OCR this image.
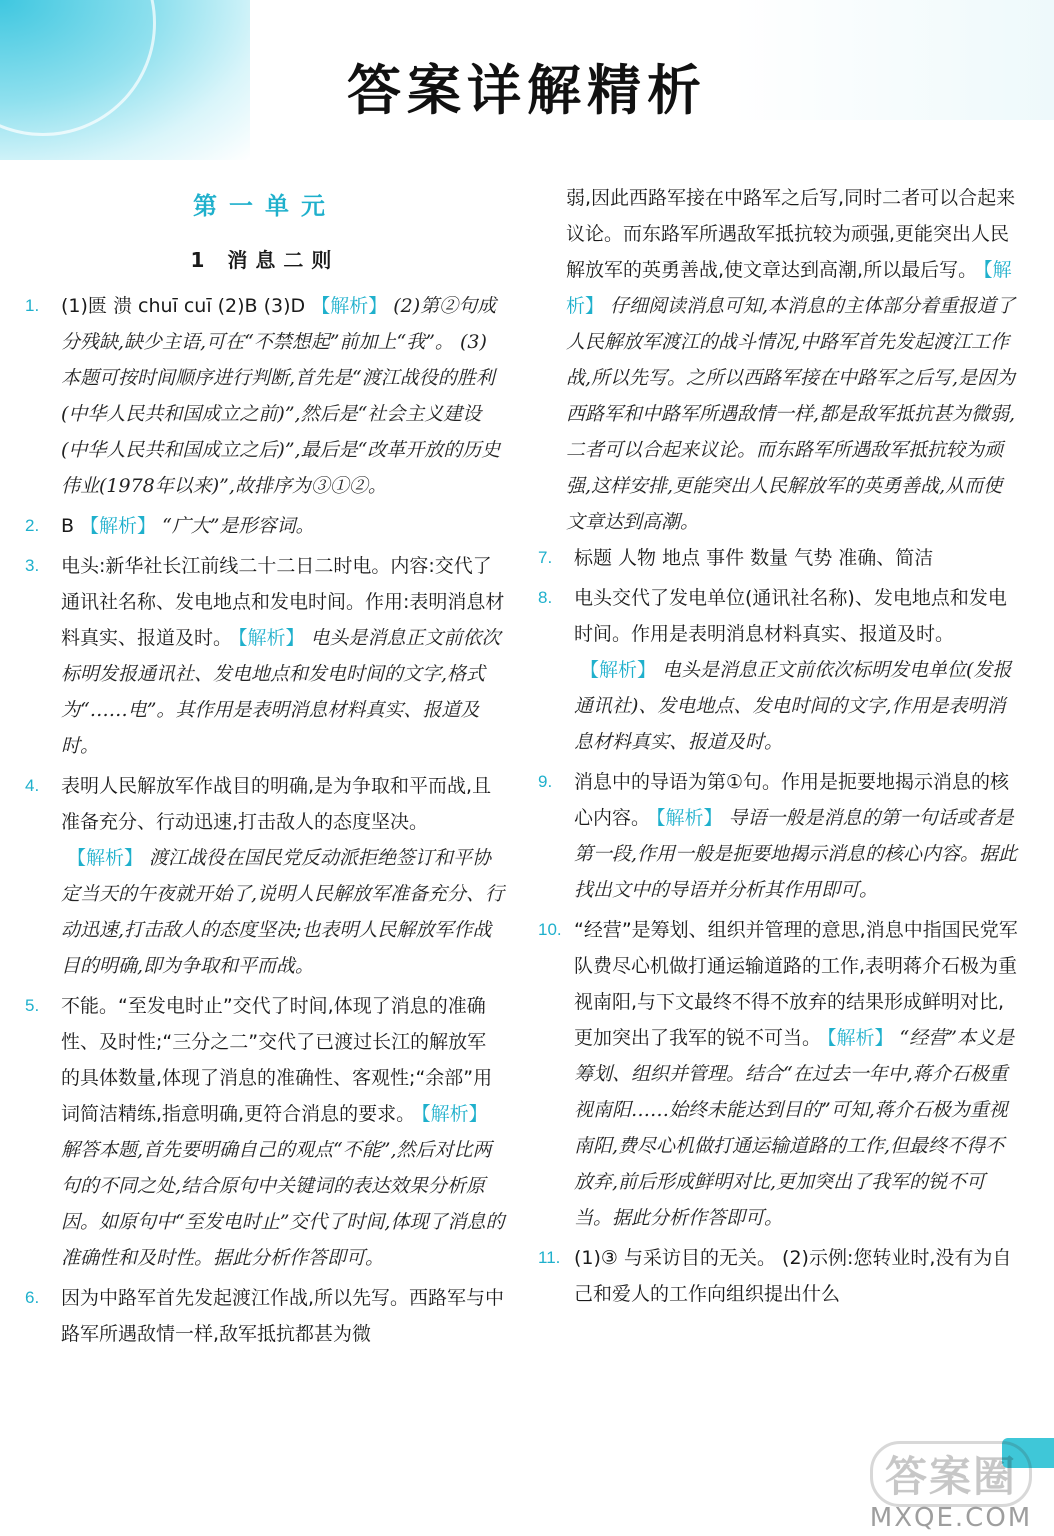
答案详解精析
第一单元
1 消息二则
1. (1)匮 溃 chuī cuī (2)B (3)D 【解析】 (2)第②句成分残缺,缺少主语,可在“不禁想起”前加上“我”。 (3)本题可按时间顺序进行判断,首先是“渡江战役的胜利(中华人民共和国成立之前)”,然后是“社会主义建设(中华人民共和国成立之后)”,最后是“改革开放的历史伟业(1978年以来)”,故排序为③①②。
2. B 【解析】 “广大”是形容词。
3. 电头:新华社长江前线二十二日二时电。内容:交代了通讯社名称、发电地点和发电时间。作用:表明消息材料真实、报道及时。 【解析】 电头是消息正文前依次标明发报通讯社、发电地点和发电时间的文字,格式为“……电”。其作用是表明消息材料真实、报道及时。
4. 表明人民解放军作战目的明确,是为争取和平而战,且准备充分、行动迅速,打击敌人的态度坚决。【解析】 渡江战役在国民党反动派拒绝签订和平协定当天的午夜就开始了,说明人民解放军准备充分、行动迅速,打击敌人的态度坚决;也表明人民解放军作战目的明确,即为争取和平而战。
5. 不能。“至发电时止”交代了时间,体现了消息的准确性、及时性;“三分之二”交代了已渡过长江的解放军的具体数量,体现了消息的准确性、客观性;“余部”用词简洁精练,指意明确,更符合消息的要求。 【解析】解答本题,首先要明确自己的观点“不能”,然后对比两句的不同之处,结合原句中关键词的表达效果分析原因。如原句中“至发电时止”交代了时间,体现了消息的准确性和及时性。据此分析作答即可。
6. 因为中路军首先发起渡江作战,所以先写。西路军与中路军所遇敌情一样,敌军抵抗都甚为微
弱,因此西路军接在中路军之后写,同时二者可以合起来议论。而东路军所遇敌军抵抗较为顽强,更能突出人民解放军的英勇善战,使文章达到高潮,所以最后写。 【解析】 仔细阅读消息可知,本消息的主体部分着重报道了人民解放军渡江的战斗情况,中路军首先发起渡江工作战,所以先写。之所以西路军接在中路军之后写,是因为西路军和中路军所遇敌情一样,都是敌军抵抗甚为微弱,二者可以合起来议论。而东路军所遇敌军抵抗较为顽强,这样安排,更能突出人民解放军的英勇善战,从而使文章达到高潮。
7. 标题 人物 地点 事件 数量 气势 准确、简洁
8. 电头交代了发电单位(通讯社名称)、发电地点和发电时间。作用是表明消息材料真实、报道及时。【解析】 电头是消息正文前依次标明发电单位(发报通讯社)、发电地点、发电时间的文字,作用是表明消息材料真实、报道及时。
9. 消息中的导语为第①句。作用是扼要地揭示消息的核心内容。 【解析】 导语一般是消息的第一句话或者是第一段,作用一般是扼要地揭示消息的核心内容。据此找出文中的导语并分析其作用即可。
10. “经营”是筹划、组织并管理的意思,消息中指国民党军队费尽心机做打通运输道路的工作,表明蒋介石极为重视南阳,与下文最终不得不放弃的结果形成鲜明对比,更加突出了我军的锐不可当。 【解析】 “经营”本义是筹划、组织并管理。结合“在过去一年中,蒋介石极重视南阳……始终未能达到目的”可知,蒋介石极为重视南阳,费尽心机做打通运输道路的工作,但最终不得不放弃,前后形成鲜明对比,更加突出了我军的锐不可当。据此分析作答即可。
11. (1)③ 与采访目的无关。 (2)示例:您转业时,没有为自己和爱人的工作向组织提出什么
答案圈
MXQE.COM
